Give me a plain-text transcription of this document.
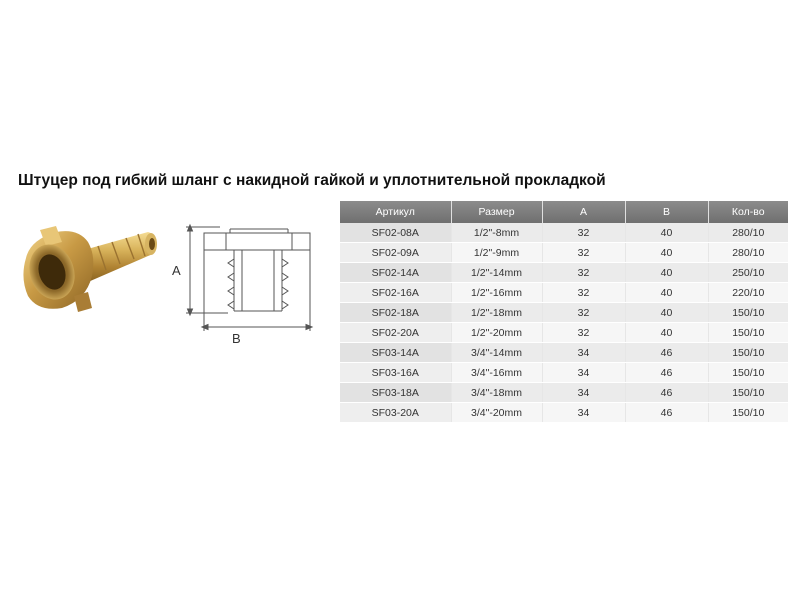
Штуцер под гибкий шланг с накидной гайкой и уплотнительной прокладкой
A
B
Артикул	Размер	A	B	Кол-во
SF02-08A	1/2"-8mm	32	40	280/10
SF02-09A	1/2"-9mm	32	40	280/10
SF02-14A	1/2"-14mm	32	40	250/10
SF02-16A	1/2"-16mm	32	40	220/10
SF02-18A	1/2"-18mm	32	40	150/10
SF02-20A	1/2"-20mm	32	40	150/10
SF03-14A	3/4"-14mm	34	46	150/10
SF03-16A	3/4"-16mm	34	46	150/10
SF03-18A	3/4"-18mm	34	46	150/10
SF03-20A	3/4"-20mm	34	46	150/10
